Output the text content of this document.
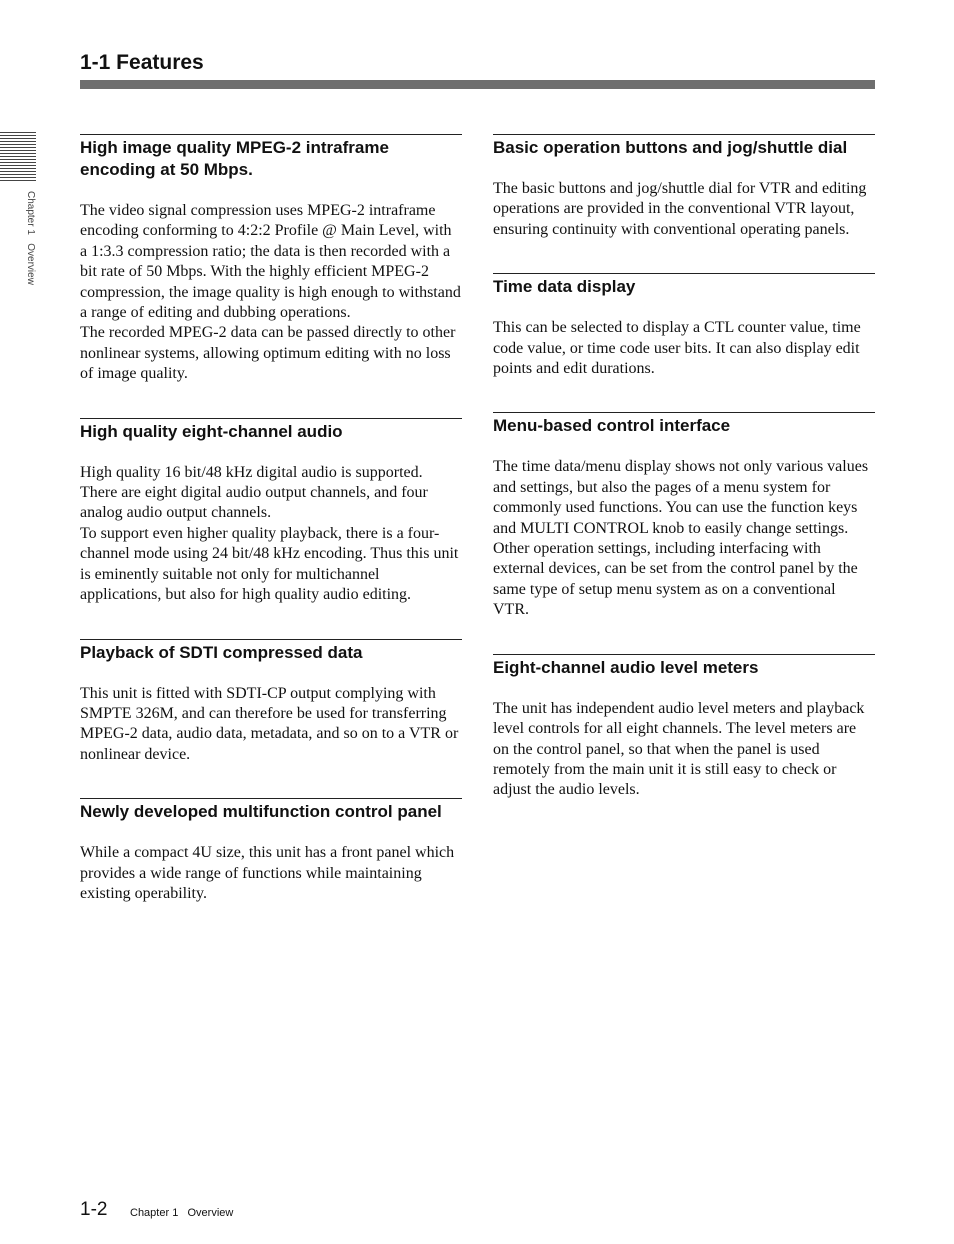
1-1 Features
Chapter 1   Overview
High image quality MPEG-2 intraframe encoding at 50 Mbps.

The video signal compression uses MPEG-2 intraframe encoding conforming to 4:2:2 Profile @ Main Level, with a 1:3.3 compression ratio; the data is then recorded with a bit rate of 50 Mbps. With the highly efficient MPEG-2 compression, the image quality is high enough to withstand a range of editing and dubbing operations.

The recorded MPEG-2 data can be passed directly to other nonlinear systems, allowing optimum editing with no loss of image quality.

High quality eight-channel audio

High quality 16 bit/48 kHz digital audio is supported. There are eight digital audio output channels, and four analog audio output channels.

To support even higher quality playback, there is a four-channel mode using 24 bit/48 kHz encoding. Thus this unit is eminently suitable not only for multichannel applications, but also for high quality audio editing.

Playback of SDTI compressed data

This unit is fitted with SDTI-CP output complying with SMPTE 326M, and can therefore be used for transferring MPEG-2 data, audio data, metadata, and so on to a VTR or nonlinear device.

Newly developed multifunction control panel

While a compact 4U size, this unit has a front panel which provides a wide range of functions while maintaining existing operability.

Basic operation buttons and jog/shuttle dial

The basic buttons and jog/shuttle dial for VTR and editing operations are provided in the conventional VTR layout, ensuring continuity with conventional operating panels.

Time data display

This can be selected to display a CTL counter value, time code value, or time code user bits. It can also display edit points and edit durations.

Menu-based control interface

The time data/menu display shows not only various values and settings, but also the pages of a menu system for commonly used functions. You can use the function keys and MULTI CONTROL knob to easily change settings.

Other operation settings, including interfacing with external devices, can be set from the control panel by the same type of setup menu system as on a conventional VTR.

Eight-channel audio level meters

The unit has independent audio level meters and playback level controls for all eight channels. The level meters are on the control panel, so that when the panel is used remotely from the main unit it is still easy to check or adjust the audio levels.

1-2 Chapter 1   Overview
